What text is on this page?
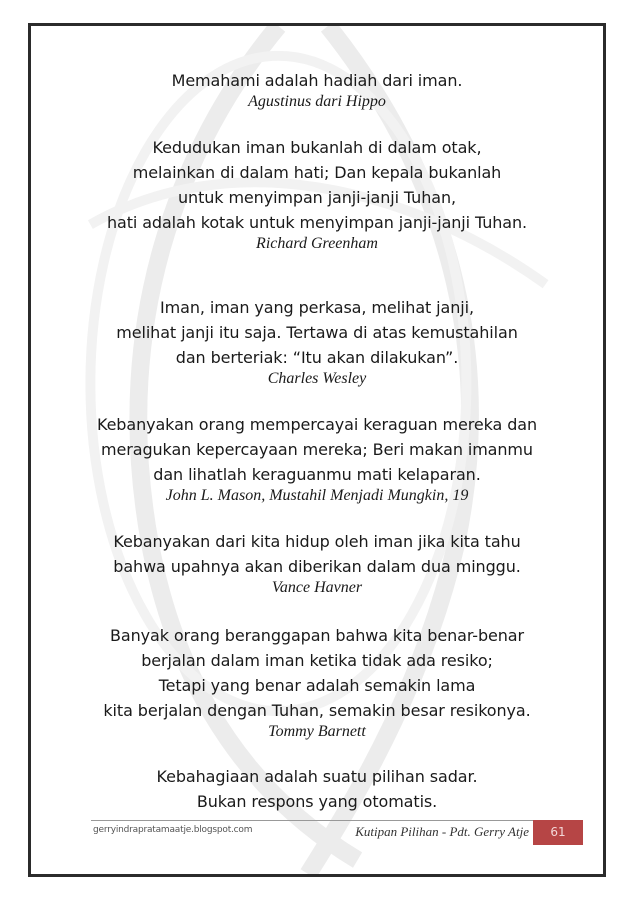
Memahami adalah hadiah dari iman.
Agustinus dari Hippo
Kedudukan iman bukanlah di dalam otak,
melainkan di dalam hati; Dan kepala bukanlah
untuk menyimpan janji-janji Tuhan,
hati adalah kotak untuk menyimpan janji-janji Tuhan.
Richard Greenham
Iman, iman yang perkasa, melihat janji,
melihat janji itu saja. Tertawa di atas kemustahilan
dan berteriak: “Itu akan dilakukan”.
Charles Wesley
Kebanyakan orang mempercayai keraguan mereka dan
meragukan kepercayaan mereka; Beri makan imanmu
dan lihatlah keraguanmu mati kelaparan.
John L. Mason, Mustahil Menjadi Mungkin, 19
Kebanyakan dari kita hidup oleh iman jika kita tahu
bahwa upahnya akan diberikan dalam dua minggu.
Vance Havner
Banyak orang beranggapan bahwa kita benar-benar
berjalan dalam iman ketika tidak ada resiko;
Tetapi yang benar adalah semakin lama
kita berjalan dengan Tuhan, semakin besar resikonya.
Tommy Barnett
Kebahagiaan adalah suatu pilihan sadar.
Bukan respons yang otomatis.
gerryindrapratamaatje.blogspot.com	Kutipan Pilihan - Pdt. Gerry Atje	61
